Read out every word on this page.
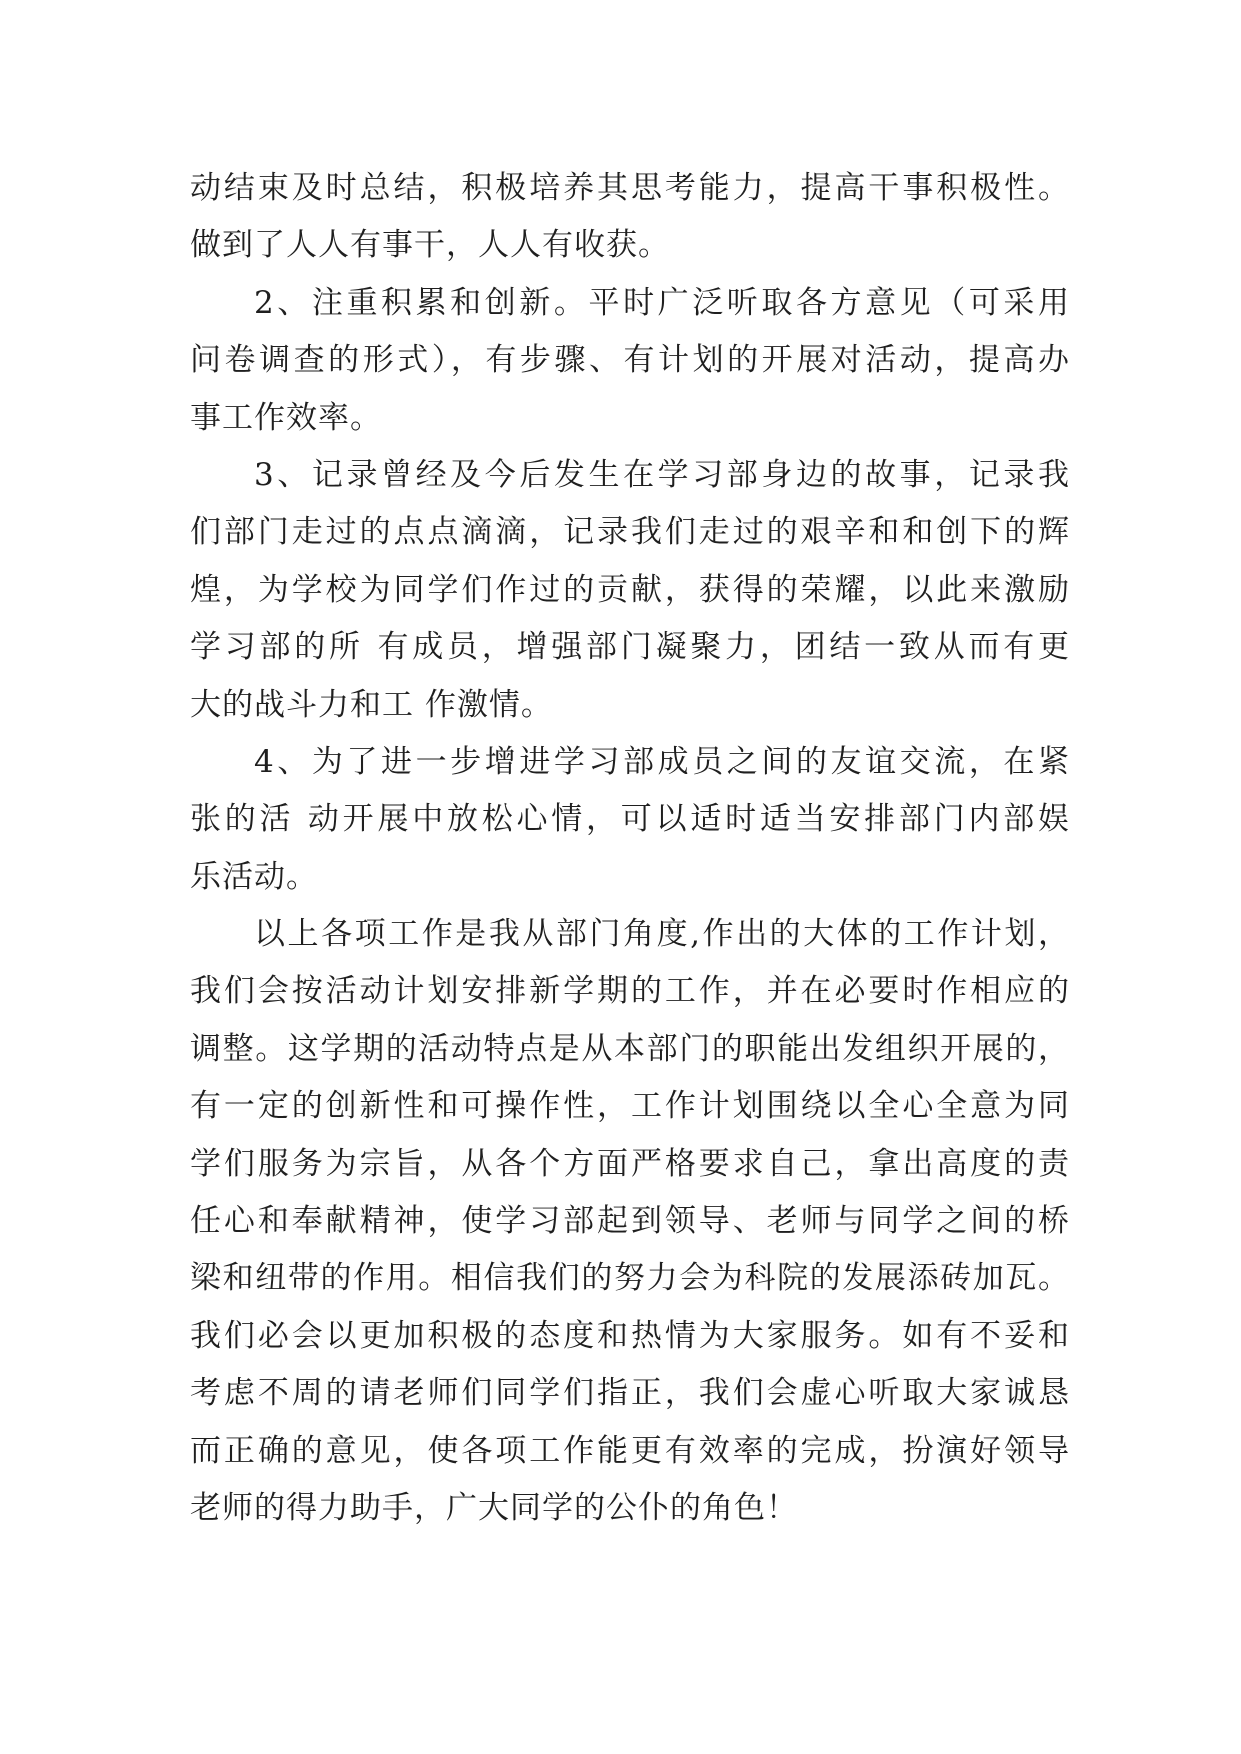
动结束及时总结，积极培养其思考能力，提高干事积极性。
做到了人人有事干，人人有收获。
2、注重积累和创新。平时广泛听取各方意见（可采用
问卷调查的形式），有步骤、有计划的开展对活动，提高办
事工作效率。
3、记录曾经及今后发生在学习部身边的故事，记录我
们部门走过的点点滴滴，记录我们走过的艰辛和和创下的辉
煌，为学校为同学们作过的贡献，获得的荣耀，以此来激励
学习部的所 有成员，增强部门凝聚力，团结一致从而有更
大的战斗力和工 作激情。
4、为了进一步增进学习部成员之间的友谊交流，在紧
张的活 动开展中放松心情，可以适时适当安排部门内部娱
乐活动。
以上各项工作是我从部门角度,作出的大体的工作计划，
我们会按活动计划安排新学期的工作，并在必要时作相应的
调整。这学期的活动特点是从本部门的职能出发组织开展的，
有一定的创新性和可操作性，工作计划围绕以全心全意为同
学们服务为宗旨，从各个方面严格要求自己，拿出高度的责
任心和奉献精神，使学习部起到领导、老师与同学之间的桥
梁和纽带的作用。相信我们的努力会为科院的发展添砖加瓦。
我们必会以更加积极的态度和热情为大家服务。如有不妥和
考虑不周的请老师们同学们指正，我们会虚心听取大家诚恳
而正确的意见，使各项工作能更有效率的完成，扮演好领导
老师的得力助手，广大同学的公仆的角色！
